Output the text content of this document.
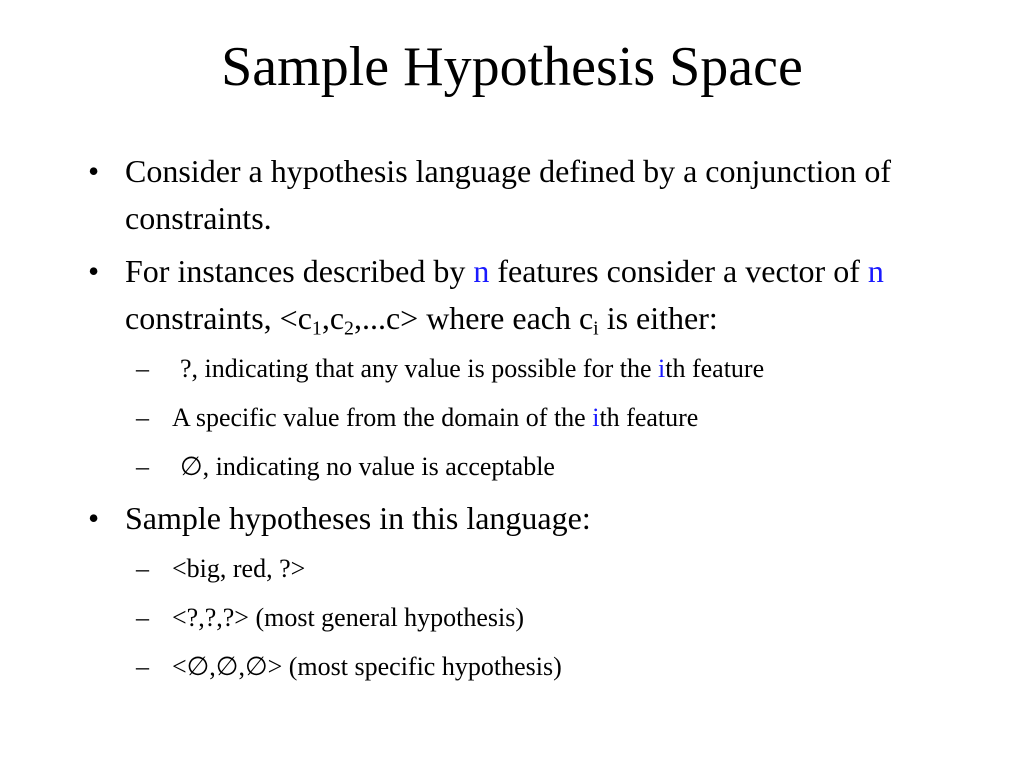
Sample Hypothesis Space
• Consider a hypothesis language defined by a conjunction of constraints.
• For instances described by n features consider a vector of n constraints, $<c_1,c_2,...c>$ where each $c_i$ is either:
– ?, indicating that any value is possible for the ith feature
– A specific value from the domain of the ith feature
– ∅, indicating no value is acceptable
• Sample hypotheses in this language:
– <big, red, ?>
– <?,?,?> (most general hypothesis)
– <∅,∅,∅> (most specific hypothesis)
